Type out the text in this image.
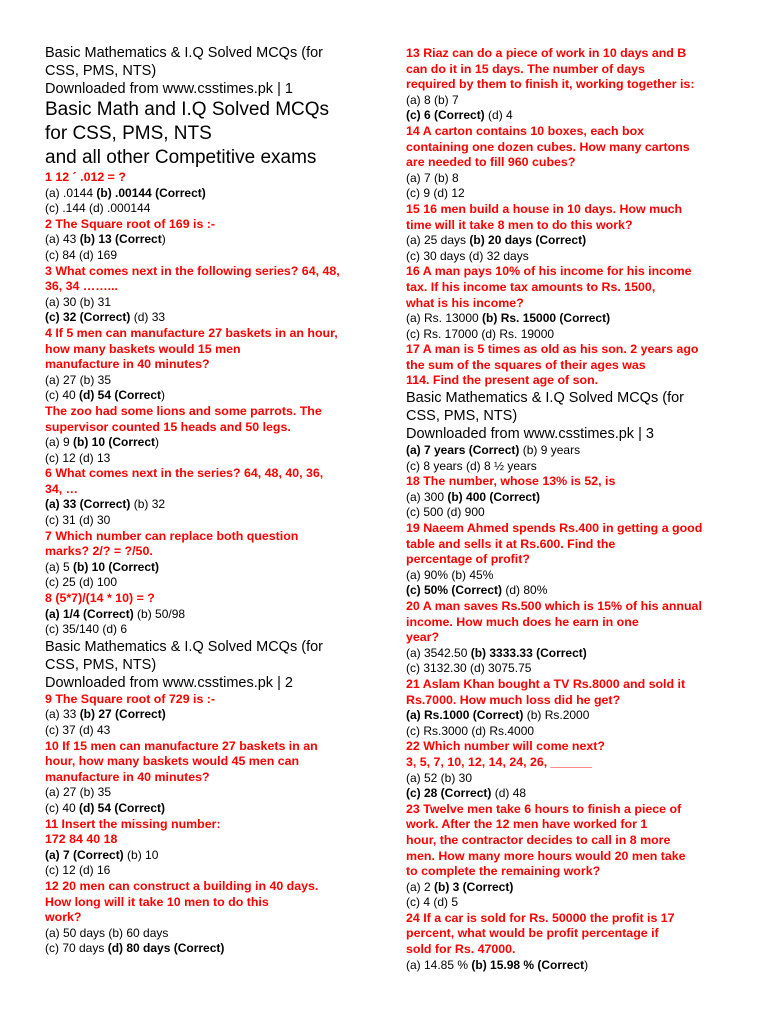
Basic Mathematics & I.Q Solved MCQs (for
CSS, PMS, NTS)
Downloaded from www.csstimes.pk | 1
Basic Math and I.Q Solved MCQs
for CSS, PMS, NTS
and all other Competitive exams
1 12 ´ .012 = ?
(a) .0144 (b) .00144 (Correct)
(c) .144 (d) .000144
2 The Square root of 169 is :-
(a) 43 (b) 13 (Correct)
(c) 84 (d) 169
3 What comes next in the following series? 64, 48,
36, 34 ……...
(a) 30 (b) 31
(c) 32 (Correct) (d) 33
4 If 5 men can manufacture 27 baskets in an hour,
how many baskets would 15 men
manufacture in 40 minutes?
(a) 27 (b) 35
(c) 40 (d) 54 (Correct)
The zoo had some lions and some parrots. The
supervisor counted 15 heads and 50 legs.
(a) 9 (b) 10 (Correct)
(c) 12 (d) 13
6 What comes next in the series? 64, 48, 40, 36,
34, …
(a) 33 (Correct) (b) 32
(c) 31 (d) 30
7 Which number can replace both question
marks? 2/? = ?/50.
(a) 5 (b) 10 (Correct)
(c) 25 (d) 100
8 (5*7)/(14 * 10) = ?
(a) 1/4 (Correct) (b) 50/98
(c) 35/140 (d) 6
Basic Mathematics & I.Q Solved MCQs (for
CSS, PMS, NTS)
Downloaded from www.csstimes.pk | 2
9 The Square root of 729 is :-
(a) 33 (b) 27 (Correct)
(c) 37 (d) 43
10 If 15 men can manufacture 27 baskets in an
hour, how many baskets would 45 men can
manufacture in 40 minutes?
(a) 27 (b) 35
(c) 40 (d) 54 (Correct)
11 Insert the missing number:
172 84 40 18
(a) 7 (Correct) (b) 10
(c) 12 (d) 16
12 20 men can construct a building in 40 days.
How long will it take 10 men to do this
work?
(a) 50 days (b) 60 days
(c) 70 days (d) 80 days (Correct)
13 Riaz can do a piece of work in 10 days and B
can do it in 15 days. The number of days
required by them to finish it, working together is:
(a) 8 (b) 7
(c) 6 (Correct) (d) 4
14 A carton contains 10 boxes, each box
containing one dozen cubes. How many cartons
are needed to fill 960 cubes?
(a) 7 (b) 8
(c) 9 (d) 12
15 16 men build a house in 10 days. How much
time will it take 8 men to do this work?
(a) 25 days (b) 20 days (Correct)
(c) 30 days (d) 32 days
16 A man pays 10% of his income for his income
tax. If his income tax amounts to Rs. 1500,
what is his income?
(a) Rs. 13000 (b) Rs. 15000 (Correct)
(c) Rs. 17000 (d) Rs. 19000
17 A man is 5 times as old as his son. 2 years ago
the sum of the squares of their ages was
114. Find the present age of son.
Basic Mathematics & I.Q Solved MCQs (for
CSS, PMS, NTS)
Downloaded from www.csstimes.pk | 3
(a) 7 years (Correct) (b) 9 years
(c) 8 years (d) 8 ½ years
18 The number, whose 13% is 52, is
(a) 300 (b) 400 (Correct)
(c) 500 (d) 900
19 Naeem Ahmed spends Rs.400 in getting a good
table and sells it at Rs.600. Find the
percentage of profit?
(a) 90% (b) 45%
(c) 50% (Correct) (d) 80%
20 A man saves Rs.500 which is 15% of his annual
income. How much does he earn in one
year?
(a) 3542.50 (b) 3333.33 (Correct)
(c) 3132.30 (d) 3075.75
21 Aslam Khan bought a TV Rs.8000 and sold it
Rs.7000. How much loss did he get?
(a) Rs.1000 (Correct) (b) Rs.2000
(c) Rs.3000 (d) Rs.4000
22 Which number will come next?
3, 5, 7, 10, 12, 14, 24, 26, ______
(a) 52 (b) 30
(c) 28 (Correct) (d) 48
23 Twelve men take 6 hours to finish a piece of
work. After the 12 men have worked for 1
hour, the contractor decides to call in 8 more
men. How many more hours would 20 men take
to complete the remaining work?
(a) 2 (b) 3 (Correct)
(c) 4 (d) 5
24 If a car is sold for Rs. 50000 the profit is 17
percent, what would be profit percentage if
sold for Rs. 47000.
(a) 14.85 % (b) 15.98 % (Correct)
